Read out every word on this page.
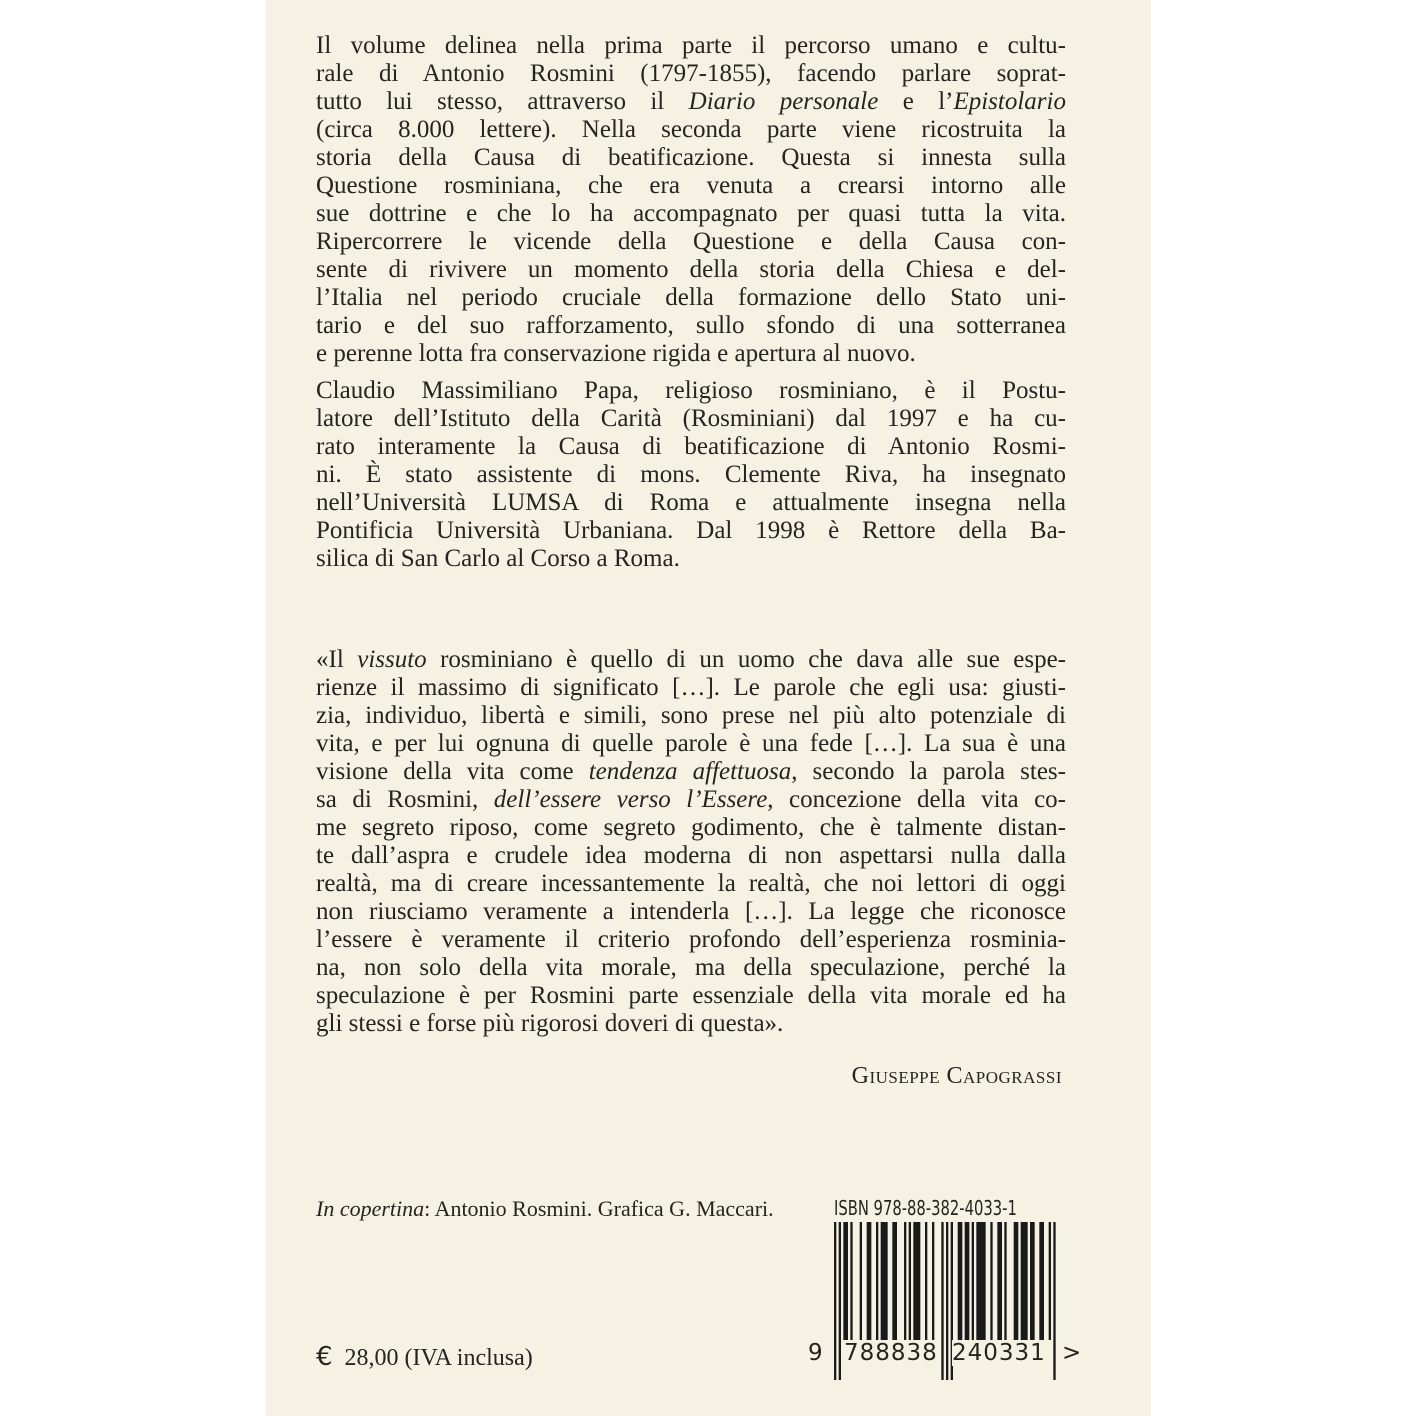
Il volume delinea nella prima parte il percorso umano e cultu-
rale di Antonio Rosmini (1797-1855), facendo parlare soprat-
tutto lui stesso, attraverso il Diario personale e l’Epistolario
(circa 8.000 lettere). Nella seconda parte viene ricostruita la
storia della Causa di beatificazione. Questa si innesta sulla
Questione rosminiana, che era venuta a crearsi intorno alle
sue dottrine e che lo ha accompagnato per quasi tutta la vita.
Ripercorrere le vicende della Questione e della Causa con-
sente di rivivere un momento della storia della Chiesa e del-
l’Italia nel periodo cruciale della formazione dello Stato uni-
tario e del suo rafforzamento, sullo sfondo di una sotterranea
e perenne lotta fra conservazione rigida e apertura al nuovo.
Claudio Massimiliano Papa, religioso rosminiano, è il Postu-
latore dell’Istituto della Carità (Rosminiani) dal 1997 e ha cu-
rato interamente la Causa di beatificazione di Antonio Rosmi-
ni. È stato assistente di mons. Clemente Riva, ha insegnato
nell’Università LUMSA di Roma e attualmente insegna nella
Pontificia Università Urbaniana. Dal 1998 è Rettore della Ba-
silica di San Carlo al Corso a Roma.
«Il vissuto rosminiano è quello di un uomo che dava alle sue espe-
rienze il massimo di significato […]. Le parole che egli usa: giusti-
zia, individuo, libertà e simili, sono prese nel più alto potenziale di
vita, e per lui ognuna di quelle parole è una fede […]. La sua è una
visione della vita come tendenza affettuosa, secondo la parola stes-
sa di Rosmini, dell’essere verso l’Essere, concezione della vita co-
me segreto riposo, come segreto godimento, che è talmente distan-
te dall’aspra e crudele idea moderna di non aspettarsi nulla dalla
realtà, ma di creare incessantemente la realtà, che noi lettori di oggi
non riusciamo veramente a intenderla […]. La legge che riconosce
l’essere è veramente il criterio profondo dell’esperienza rosminia-
na, non solo della vita morale, ma della speculazione, perché la
speculazione è per Rosmini parte essenziale della vita morale ed ha
gli stessi e forse più rigorosi doveri di questa».
Giuseppe Capograssi
In copertina: Antonio Rosmini. Grafica G. Maccari.
€ 28,00 (IVA inclusa)
ISBN 978-88-382-4033-1
9 788838 240331 >
